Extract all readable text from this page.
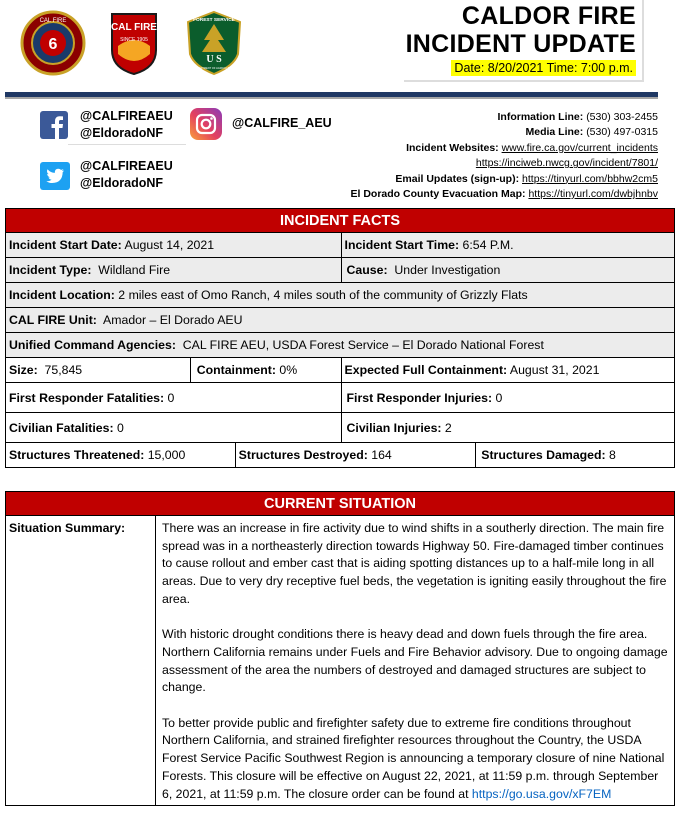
6
CAL FIRE
CAL FIRE
SINCE 1905
FOREST SERVICE
U S
DEPARTMENT OF AGRICULTURE
CALDOR FIRE
INCIDENT UPDATE
Date: 8/20/2021 Time: 7:00 p.m.
@CALFIREAEU
@EldoradoNF
@CALFIRE_AEU
@CALFIREAEU
@EldoradoNF
Information Line: (530) 303-2455
Media Line: (530) 497-0315
Incident Websites: www.fire.ca.gov/current_incidents
https://inciweb.nwcg.gov/incident/7801/
Email Updates (sign-up): https://tinyurl.com/bbhw2cm5
El Dorado County Evacuation Map: https://tinyurl.com/dwbjhnbv
INCIDENT FACTS				
Incident Start Date: August 14, 2021			Incident Start Time: 6:54 P.M.	
Incident Type:  Wildland Fire			Cause:  Under Investigation	
Incident Location: 2 miles east of Omo Ranch, 4 miles south of the community of Grizzly Flats				
CAL FIRE Unit:  Amador – El Dorado AEU				
Unified Command Agencies:  CAL FIRE AEU, USDA Forest Service – El Dorado National Forest				
Size:  75,845	Containment: 0%		Expected Full Containment: August 31, 2021	
First Responder Fatalities: 0			First Responder Injuries: 0	
Civilian Fatalities: 0			Civilian Injuries: 2	
Structures Threatened: 15,000		Structures Destroyed: 164		Structures Damaged: 8
CURRENT SITUATION
Situation Summary:	There was an increase in fire activity due to wind shifts in a southerly direction. The main fire spread was in a northeasterly direction towards Highway 50. Fire-damaged timber continues to cause rollout and ember cast that is aiding spotting distances up to a half-mile long in all areas. Due to very dry receptive fuel beds, the vegetation is igniting easily throughout the fire area.

With historic drought conditions there is heavy dead and down fuels through the fire area. Northern California remains under Fuels and Fire Behavior advisory. Due to ongoing damage assessment of the area the numbers of destroyed and damaged structures are subject to change.

To better provide public and firefighter safety due to extreme fire conditions throughout Northern California, and strained firefighter resources throughout the Country, the USDA Forest Service Pacific Southwest Region is announcing a temporary closure of nine National Forests. This closure will be effective on August 22, 2021, at 11:59 p.m. through September 6, 2021, at 11:59 p.m. The closure order can be found at https://go.usa.gov/xF7EM
